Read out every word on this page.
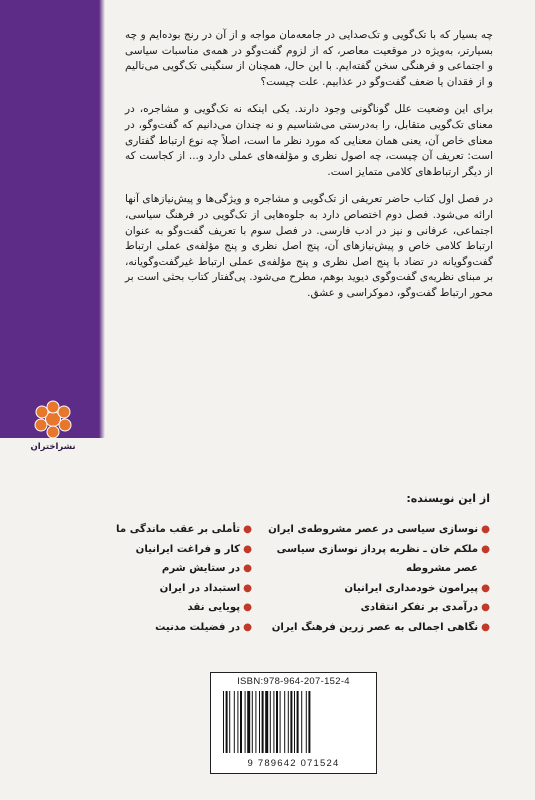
چه بسیار که با تک‌گویی و تک‌صدایی در جامعه‌مان مواجه و از آن در رنج بوده‌ایم و چه بسیارتر، به‌ویژه در موقعیت معاصر، که از لزوم گفت‌وگو در همه‌ی مناسبات سیاسی و اجتماعی و فرهنگی سخن گفته‌ایم. با این حال، همچنان از سنگینی تک‌گویی می‌نالیم و از فقدان یا ضعف گفت‌وگو در عذابیم. علت چیست؟

برای این وضعیت علل گوناگونی وجود دارند. یکی اینکه نه تک‌گویی و مشاجره، در معنای تک‌گویی متقابل، را به‌درستی می‌شناسیم و نه چندان می‌دانیم که گفت‌وگو، در معنای خاص آن، یعنی همان معنایی که مورد نظر ما است، اصلاً چه نوع ارتباط گفتاری است: تعریف آن چیست، چه اصول نظری و مؤلفه‌های عملی دارد و... از کجاست که از دیگر ارتباط‌های کلامی متمایز است.

در فصل اول کتاب حاضر تعریفی از تک‌گویی و مشاجره و ویژگی‌ها و پیش‌نیازهای آنها ارائه می‌شود. فصل دوم اختصاص دارد به جلوه‌هایی از تک‌گویی در فرهنگ سیاسی، اجتماعی، عرفانی و نیز در ادب فارسی. در فصل سوم با تعریف گفت‌وگو به عنوان ارتباط کلامی خاص و پیش‌نیازهای آن، پنج اصل نظری و پنج مؤلفه‌ی عملی ارتباط گفت‌وگویانه در تضاد با پنج اصل نظری و پنج مؤلفه‌ی عملی ارتباط غیرگفت‌وگویانه، بر مبنای نظریه‌ی گفت‌وگوی دیوید بوهم، مطرح می‌شود. پی‌گفتار کتاب بحثی است بر محور ارتباط گفت‌وگو، دموکراسی و عشق.

نشراختران
از این نویسنده:
●نوسازی سیاسی در عصر مشروطه‌ی ایران
●ملکم خان ـ نظریه پرداز نوسازی سیاسی
عصر مشروطه
●پیرامون خودمداری ایرانیان
●درآمدی بر تفکر انتقادی
●نگاهی اجمالی به عصر زرین فرهنگ ایران
●تأملی بر عقب ماندگی ما
●کار و فراغت ایرانیان
●در ستایش شرم
●استبداد در ایران
●پویایی نقد
●در فضیلت مدنیت
ISBN:978-964-207-152-4
9 789642 071524
